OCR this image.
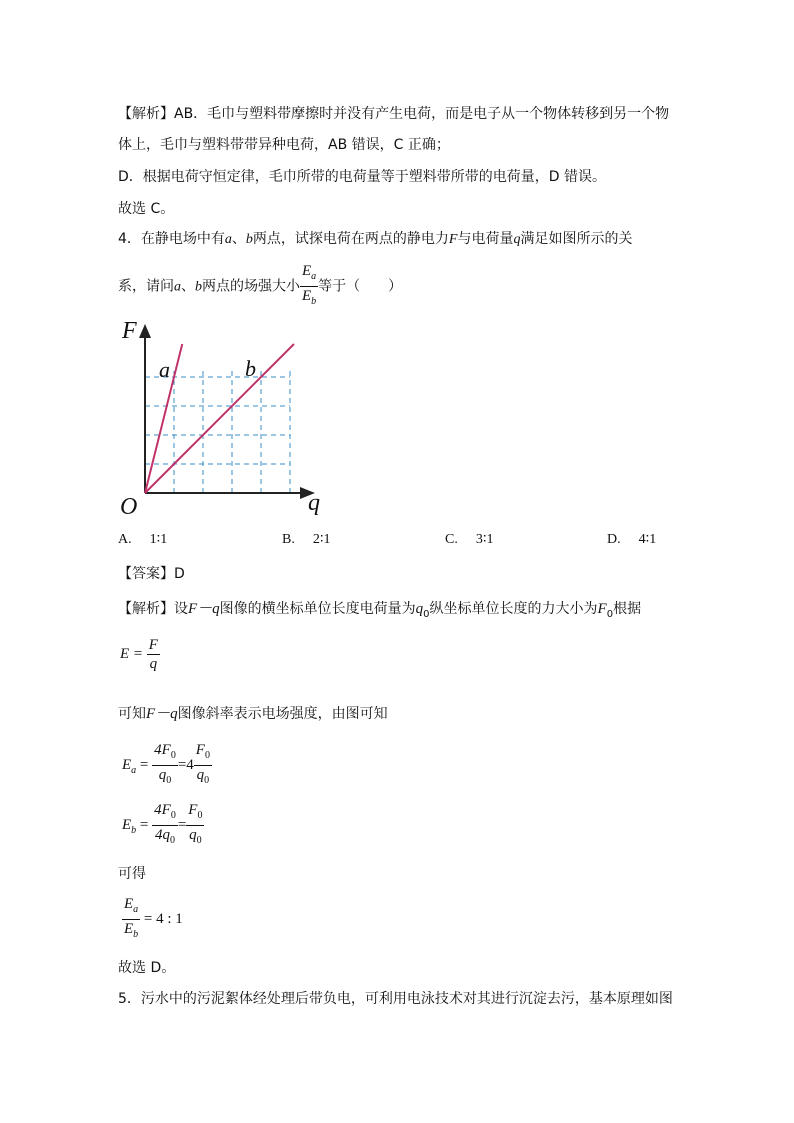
【解析】AB．毛巾与塑料带摩擦时并没有产生电荷，而是电子从一个物体转移到另一个物
体上，毛巾与塑料带带异种电荷，AB 错误，C 正确；
D．根据电荷守恒定律，毛巾所带的电荷量等于塑料带所带的电荷量，D 错误。
故选 C。
4．在静电场中有a、b两点，试探电荷在两点的静电力F与电荷量q满足如图所示的关
系，请问a、b两点的场强大小 $\frac{E_a}{E_b}$ 等于（　　）
F
q
O
a	b
A. 1∶1	B. 2∶1	C. 3∶1	D. 4∶1
【答案】D
【解析】设F－q图像的横坐标单位长度电荷量为$q_0$纵坐标单位长度的力大小为$F_0$根据
$E = \frac{F}{q}$
可知F－q图像斜率表示电场强度，由图可知
$E_a = \frac{4F_0}{q_0} =4 \frac{F_0}{q_0}$
$E_b = \frac{4F_0}{4q_0} = \frac{F_0}{q_0}$
可得
$\frac{E_a}{E_b} = 4$ : 1
故选 D。
5．污水中的污泥絮体经处理后带负电，可利用电泳技术对其进行沉淀去污，基本原理如图
